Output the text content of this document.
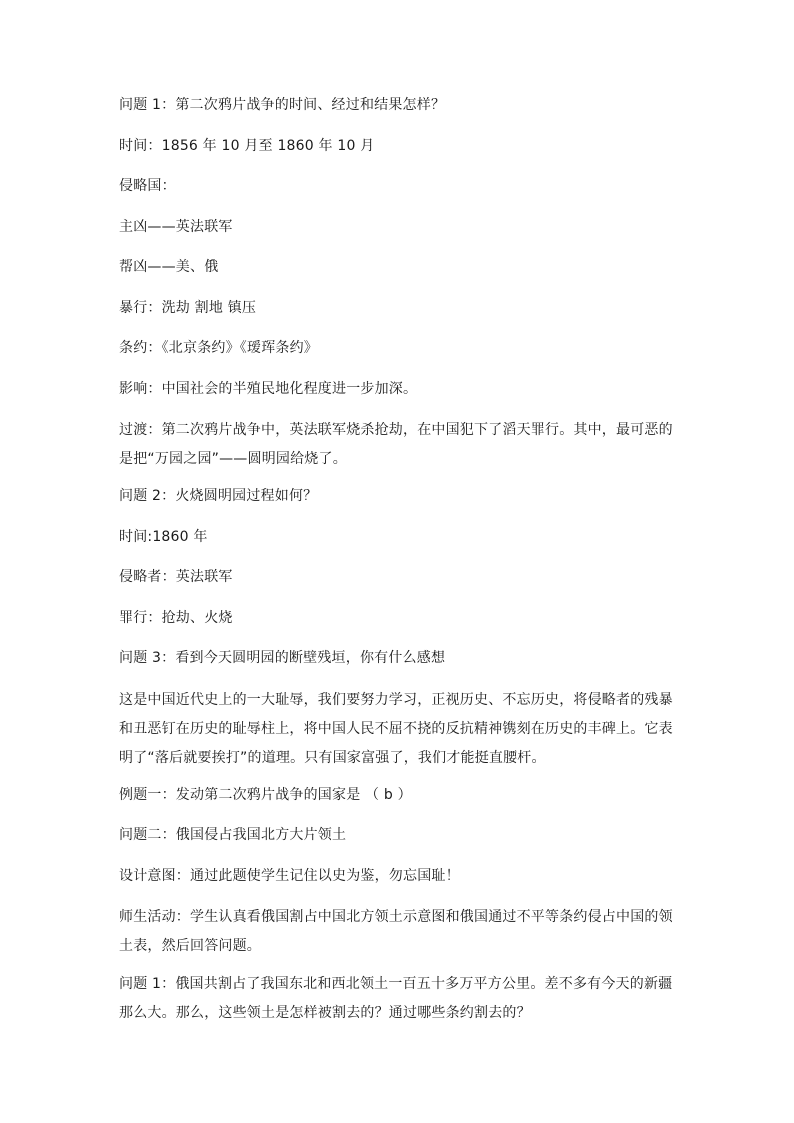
问题 1：第二次鸦片战争的时间、经过和结果怎样？

时间：1856 年 10 月至 1860 年 10 月

侵略国：

主凶——英法联军

帮凶——美、俄

暴行：洗劫 割地 镇压

条约：《北京条约》《瑷珲条约》

影响：中国社会的半殖民地化程度进一步加深。

过渡：第二次鸦片战争中，英法联军烧杀抢劫，在中国犯下了滔天罪行。其中，最可恶的是把“万园之园”——圆明园给烧了。

问题 2：火烧圆明园过程如何？

时间:1860 年

侵略者：英法联军

罪行：抢劫、火烧

问题 3：看到今天圆明园的断壁残垣，你有什么感想

这是中国近代史上的一大耻辱，我们要努力学习，正视历史、不忘历史，将侵略者的残暴和丑恶钉在历史的耻辱柱上，将中国人民不屈不挠的反抗精神镌刻在历史的丰碑上。它表明了“落后就要挨打”的道理。只有国家富强了，我们才能挺直腰杆。

例题一：发动第二次鸦片战争的国家是 （ b ）

问题二：俄国侵占我国北方大片领土

设计意图：通过此题使学生记住以史为鉴，勿忘国耻！

师生活动：学生认真看俄国割占中国北方领土示意图和俄国通过不平等条约侵占中国的领土表，然后回答问题。

问题 1：俄国共割占了我国东北和西北领土一百五十多万平方公里。差不多有今天的新疆那么大。那么，这些领土是怎样被割去的？通过哪些条约割去的？
